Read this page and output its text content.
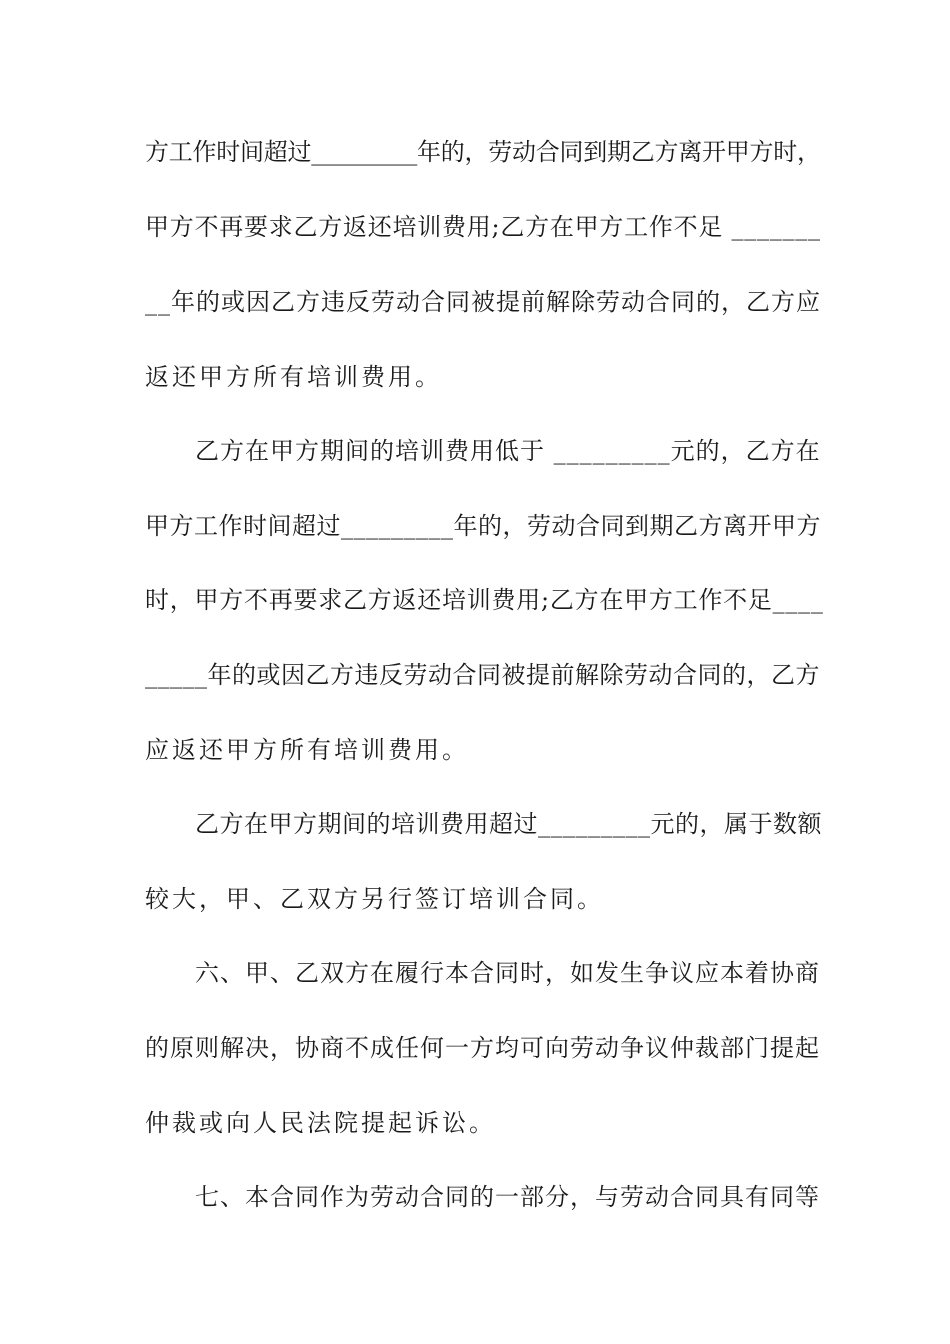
方工作时间超过_________年的，劳动合同到期乙方离开甲方时，
甲方不再要求乙方返还培训费用;乙方在甲方工作不足 _______
__年的或因乙方违反劳动合同被提前解除劳动合同的，乙方应
返还甲方所有培训费用。
乙方在甲方期间的培训费用低于 _________元的，乙方在
甲方工作时间超过_________年的，劳动合同到期乙方离开甲方
时，甲方不再要求乙方返还培训费用;乙方在甲方工作不足____
_____年的或因乙方违反劳动合同被提前解除劳动合同的，乙方
应返还甲方所有培训费用。
乙方在甲方期间的培训费用超过_________元的，属于数额
较大，甲、乙双方另行签订培训合同。
六、甲、乙双方在履行本合同时，如发生争议应本着协商
的原则解决，协商不成任何一方均可向劳动争议仲裁部门提起
仲裁或向人民法院提起诉讼。
七、本合同作为劳动合同的一部分，与劳动合同具有同等
